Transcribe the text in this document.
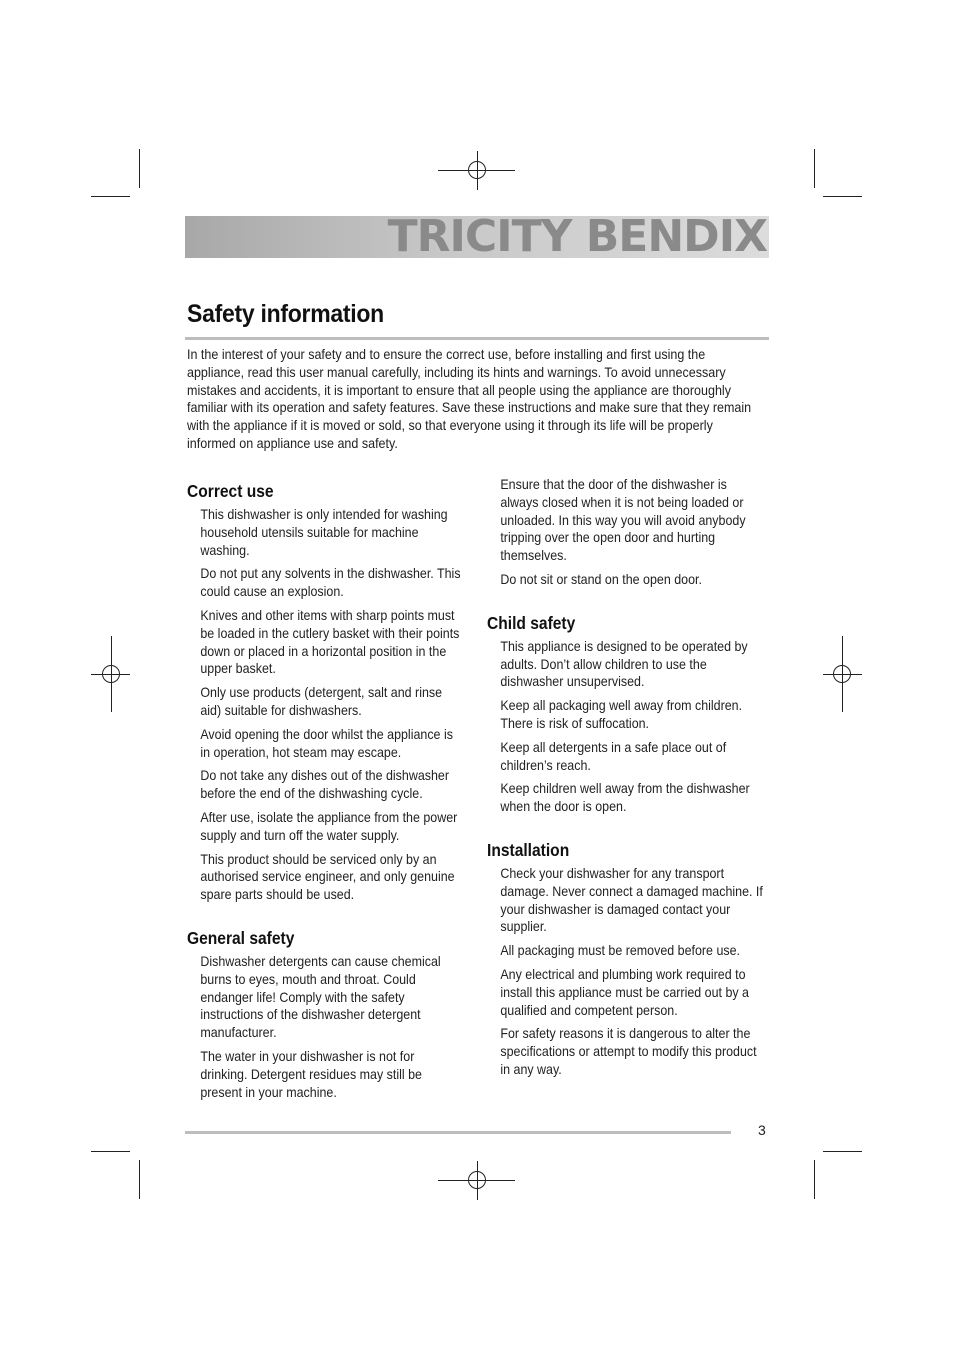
TRICITY BENDIX
Safety information
In the interest of your safety and to ensure the correct use, before installing and first using the appliance, read this user manual carefully, including its hints and warnings. To avoid unnecessary mistakes and accidents, it is important to ensure that all people using the appliance are thoroughly familiar with its operation and safety features. Save these instructions and make sure that they remain with the appliance if it is moved or sold, so that everyone using it through its life will be properly informed on appliance use and safety.
Correct use

This dishwasher is only intended for washing household utensils suitable for machine washing.

Do not put any solvents in the dishwasher. This could cause an explosion.

Knives and other items with sharp points must be loaded in the cutlery basket with their points down or placed in a horizontal position in the upper basket.

Only use products (detergent, salt and rinse aid) suitable for dishwashers.

Avoid opening the door whilst the appliance is in operation, hot steam may escape.

Do not take any dishes out of the dishwasher before the end of the dishwashing cycle.

After use, isolate the appliance from the power supply and turn off the water supply.

This product should be serviced only by an authorised service engineer, and only genuine spare parts should be used.

General safety

Dishwasher detergents can cause chemical burns to eyes, mouth and throat. Could endanger life! Comply with the safety instructions of the dishwasher detergent manufacturer.

The water in your dishwasher is not for drinking. Detergent residues may still be present in your machine.

Ensure that the door of the dishwasher is always closed when it is not being loaded or unloaded. In this way you will avoid anybody tripping over the open door and hurting themselves.

Do not sit or stand on the open door.

Child safety

This appliance is designed to be operated by adults. Don’t allow children to use the dishwasher unsupervised.

Keep all packaging well away from children. There is risk of suffocation.

Keep all detergents in a safe place out of children’s reach.

Keep children well away from the dishwasher when the door is open.

Installation

Check your dishwasher for any transport damage. Never connect a damaged machine. If your dishwasher is damaged contact your supplier.

All packaging must be removed before use.

Any electrical and plumbing work required to install this appliance must be carried out by a qualified and competent person.

For safety reasons it is dangerous to alter the specifications or attempt to modify this product in any way.

3
